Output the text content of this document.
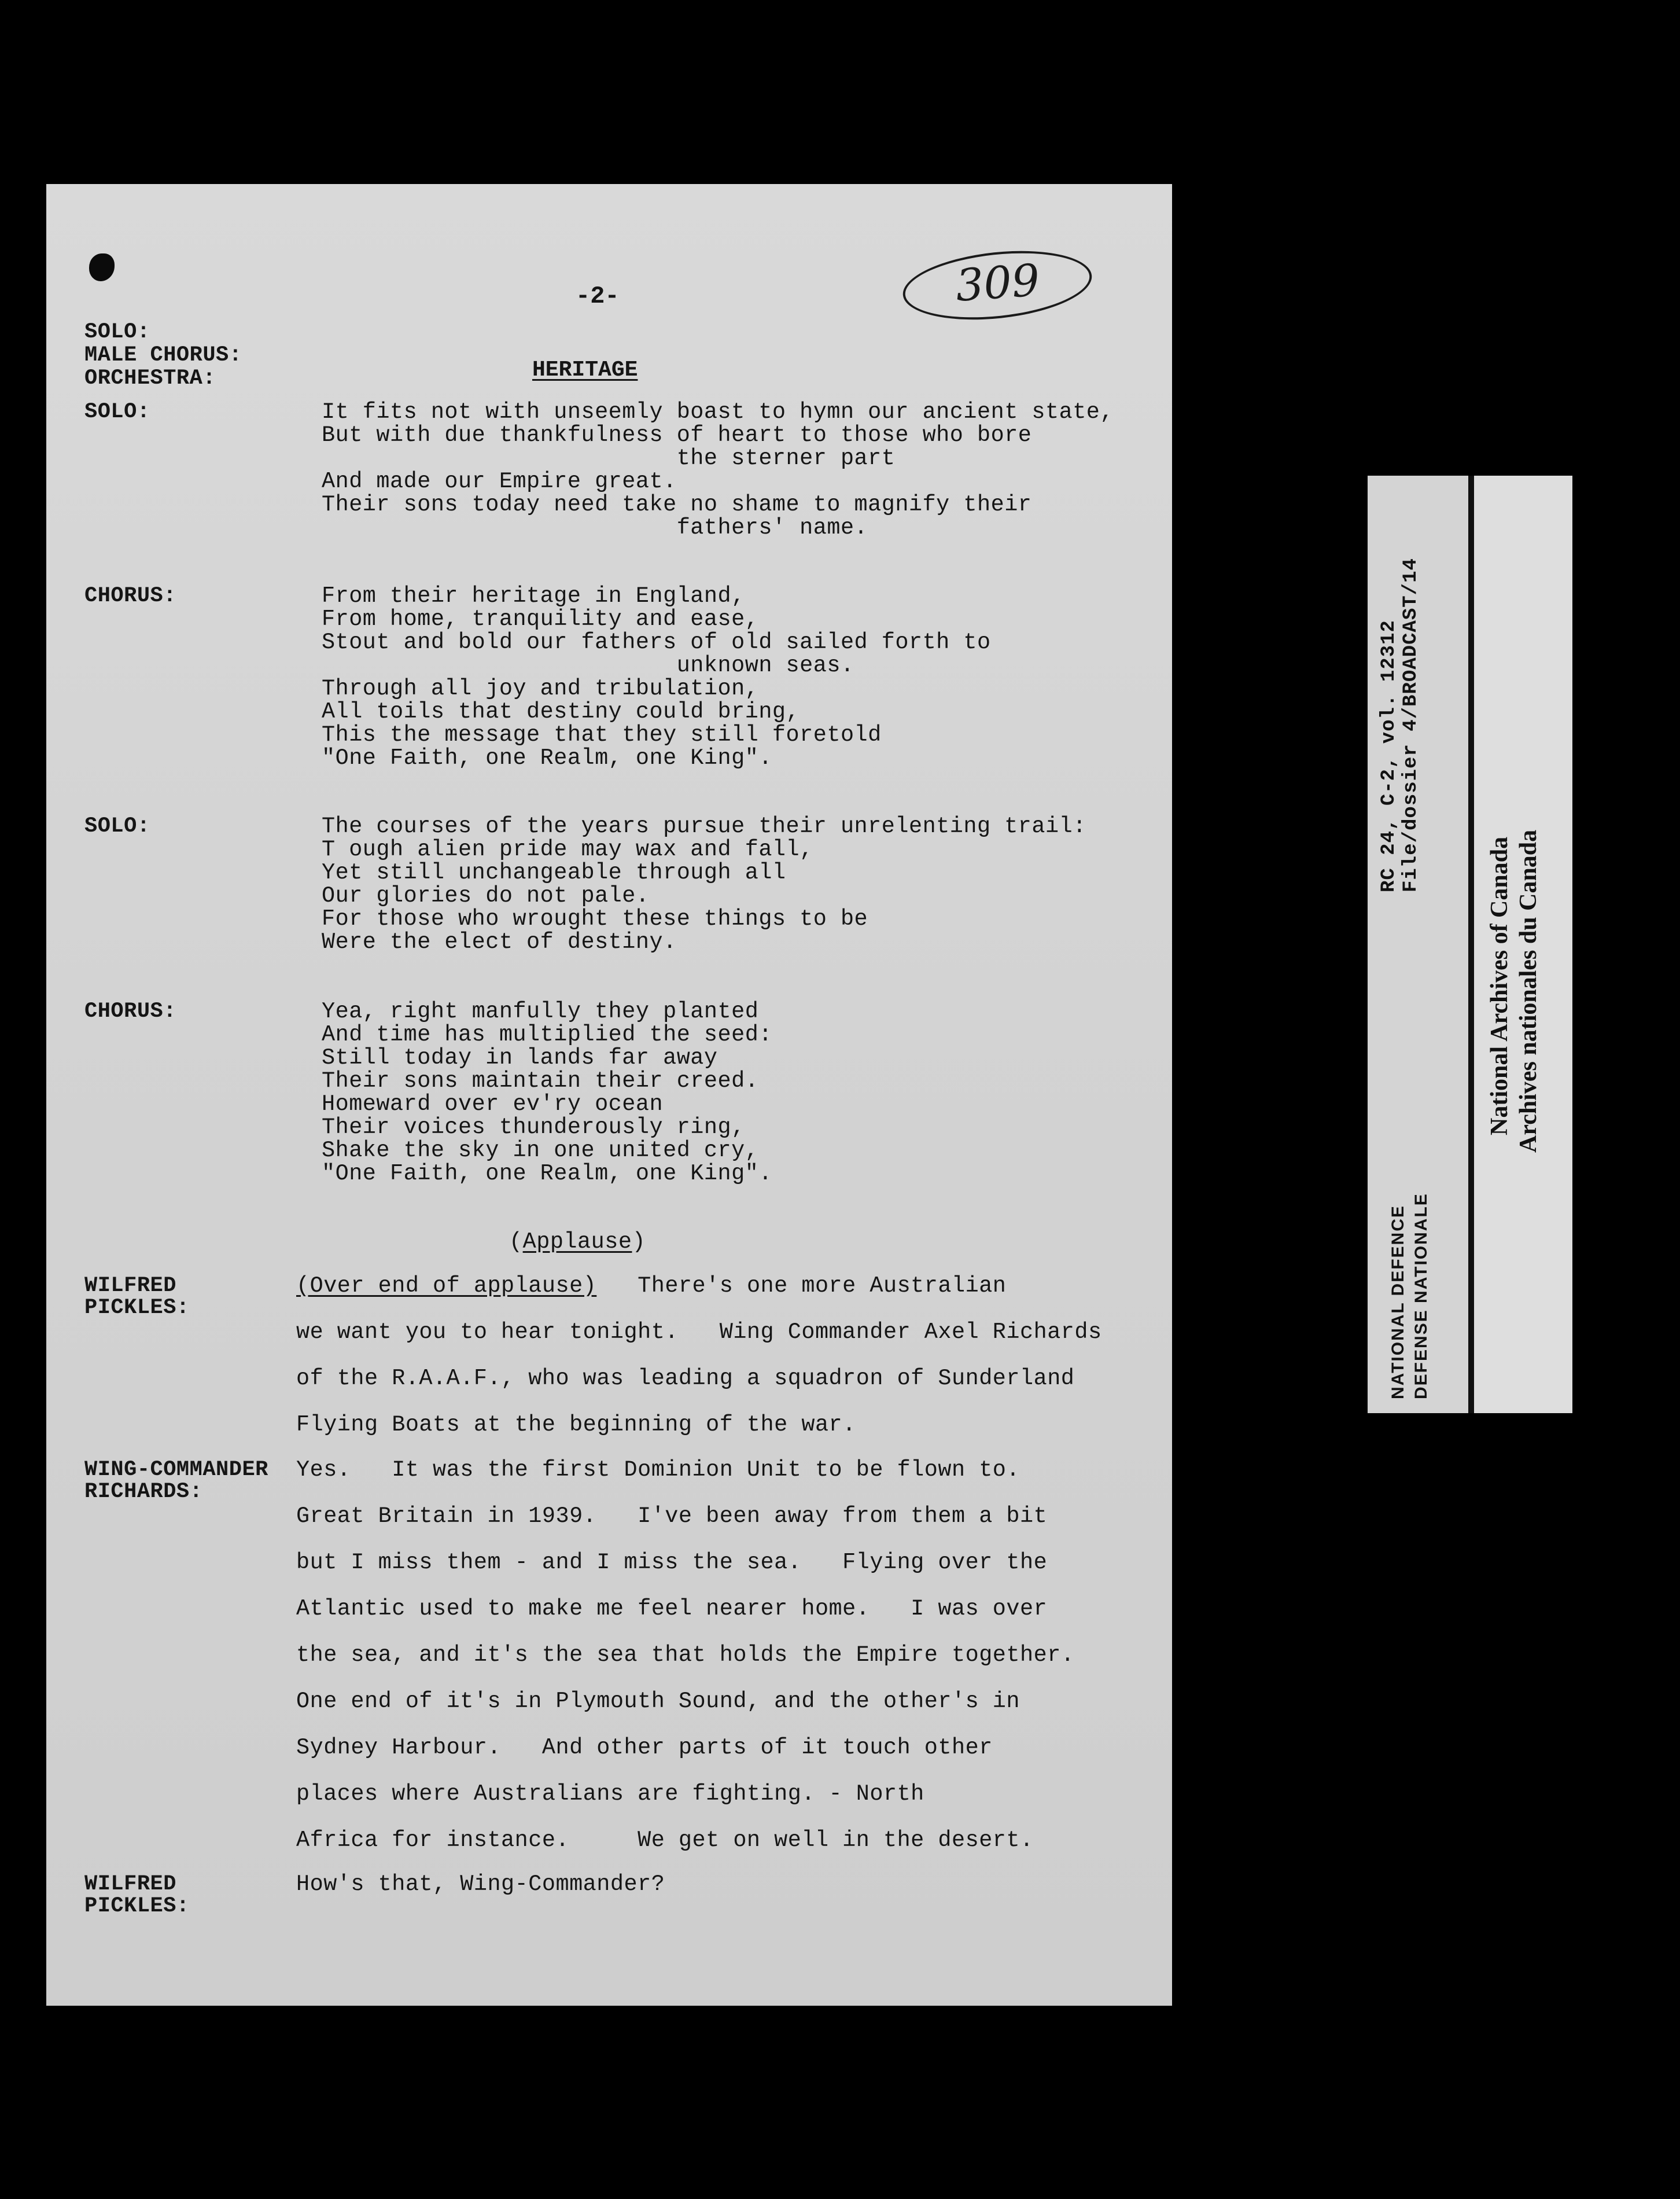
-2-	309
SOLO:
MALE CHORUS:
ORCHESTRA:	HERITAGE
SOLO:	It fits not with unseemly boast to hymn our ancient state,
But with due thankfulness of heart to those who bore
the sterner part
And made our Empire great.
Their sons today need take no shame to magnify their
fathers' name.
CHORUS:	From their heritage in England,
From home, tranquility and ease,
Stout and bold our fathers of old sailed forth to
unknown seas.
Through all joy and tribulation,
All toils that destiny could bring,
This the message that they still foretold
"One Faith, one Realm, one King".
SOLO:	The courses of the years pursue their unrelenting trail:
T ough alien pride may wax and fall,
Yet still unchangeable through all
Our glories do not pale.
For those who wrought these things to be
Were the elect of destiny.
CHORUS:	Yea, right manfully they planted
And time has multiplied the seed:
Still today in lands far away
Their sons maintain their creed.
Homeward over ev'ry ocean
Their voices thunderously ring,
Shake the sky in one united cry,
"One Faith, one Realm, one King".
(Applause)
WILFRED
PICKLES:
(Over end of applause) There's one more Australian
we want you to hear tonight.   Wing Commander Axel Richards
of the R.A.A.F., who was leading a squadron of Sunderland
Flying Boats at the beginning of the war.
WING-COMMANDER
RICHARDS:
Yes.   It was the first Dominion Unit to be flown to.
Great Britain in 1939.   I've been away from them a bit
but I miss them - and I miss the sea.   Flying over the
Atlantic used to make me feel nearer home.   I was over
the sea, and it's the sea that holds the Empire together.
One end of it's in Plymouth Sound, and the other's in
Sydney Harbour.   And other parts of it touch other
places where Australians are fighting. - North
Africa for instance.     We get on well in the desert.
WILFRED
PICKLES:
How's that, Wing-Commander?
RC 24, C-2, vol. 12312 File/dossier 4/BROADCAST/14
NATIONAL DEFENCE DEFENSE NATIONALE
National Archives of Canada Archives nationales du Canada
